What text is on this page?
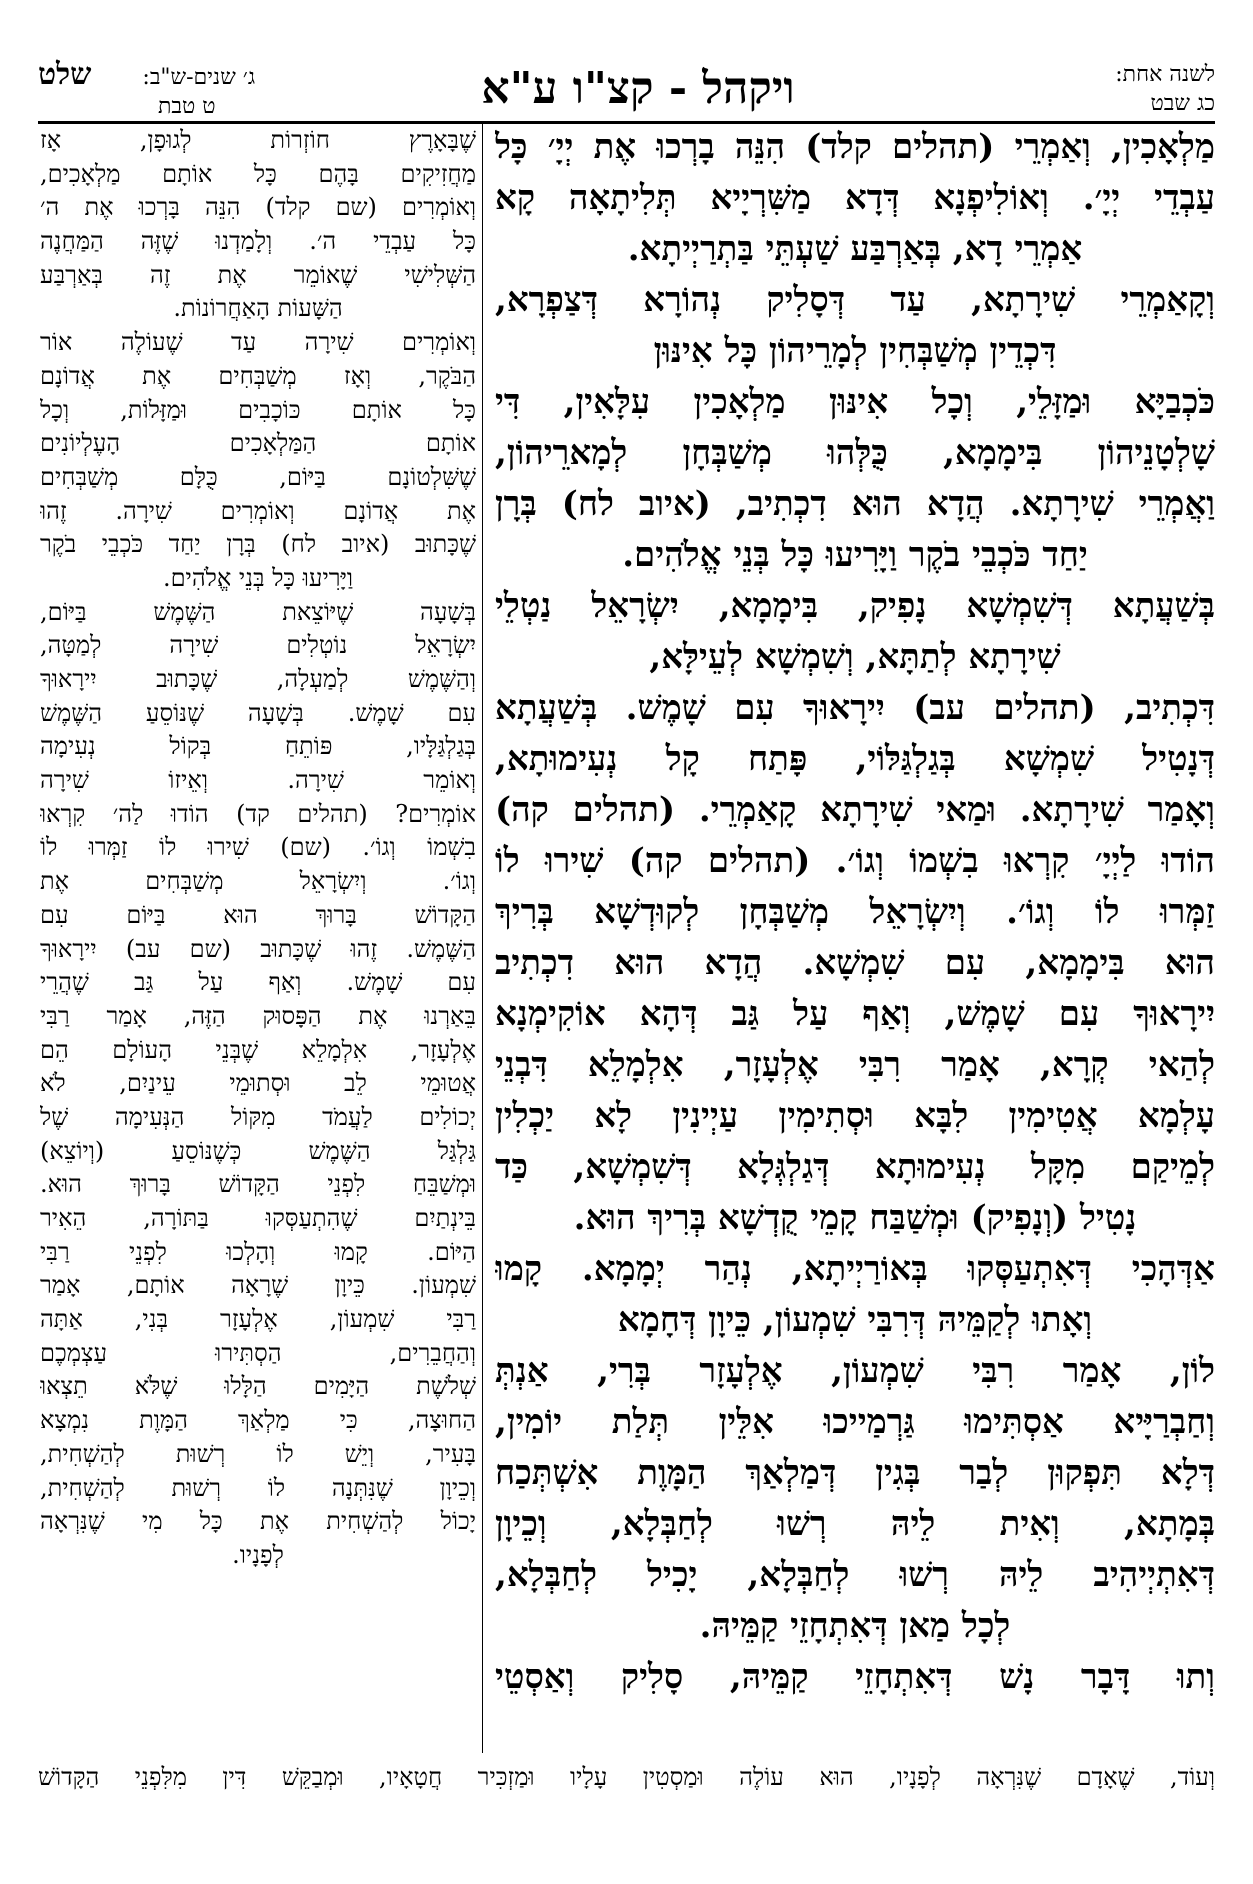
לשנה אחת:
כג שבט
ויקהל - קצ"ו ע"א
ג׳ שנים-ש"ב: שלט
ט טבת
מַלְאָכִין, וְאַמְרֵי (תהלים קלד) הִנֵּה בָרְכוּ אֶת יְיָ׳ כָּל
עַבְדֵי יְיָ׳. וְאוֹלִיפְנָא דְּדָא מַשִּׁרְיָיא תְּלִיתָאָה קָא
אַמְרֵי דָא, בְּאַרְבַּע שַׁעְתֵּי בַּתְרַיְיתָא.
וְקָאַמְרֵי שִׁירָתָא, עַד דְּסָלִיק נְהוֹרָא דְּצַפְרָא,
דִּכְדֵין מְשַׁבְּחִין לְמָרֵיהוֹן כָּל אִינּוּן
כֹּכְבַיָּא וּמַזָּלֵי, וְכָל אִינּוּן מַלְאָכִין עִלָּאִין, דִּי
שָׁלְטָנֵיהוֹן בִּימָמָא, כֻּלְּהוּ מְשַׁבְּחָן לְמָארֵיהוֹן,
וַאֲמְרֵי שִׁירָתָא. הֲדָא הוּא דִכְתִיב, (איוב לח) בְּרָן
יַחַד כֹּכְבֵי בֹקֶר וַיָּרִיעוּ כָּל בְּנֵי אֱלֹהִים.
בְּשַׁעֲתָא דְּשִׁמְשָׁא נָפִיק, בִּימָמָא, יִשְׂרָאֵל נַטְלֵי
שִׁירָתָא לְתַתָּא, וְשִׁמְשָׁא לְעֵילָּא,
דִּכְתִיב, (תהלים עב) יִירָאוּךָ עִם שָׁמֶשׁ. בְּשַׁעֲתָא
דְּנָטִיל שִׁמְשָׁא בְּגַלְגַּלּוֹי, פָּתַח קָל נְעִימוּתָא,
וְאָמַר שִׁירָתָא. וּמַאי שִׁירָתָא קָאַמְרֵי. (תהלים קה)
הוֹדוּ לַיְיָ׳ קִרְאוּ בִשְׁמוֹ וְגוֹ׳. (תהלים קה) שִׁירוּ לוֹ
זַמְּרוּ לוֹ וְגוֹ׳. וְיִשְׂרָאֵל מְשַׁבְּחָן לְקוּדְשָׁא בְּרִיךְ
הוּא בִּימָמָא, עִם שִׁמְשָׁא. הֲדָא הוּא דִכְתִיב
יִירָאוּךָ עִם שָׁמֶשׁ, וְאַף עַל גַּב דְּהָא אוֹקִימְנָא
לְהַאי קְרָא, אָמַר רִבִּי אֶלְעָזָר, אִלְמָלֵא דִּבְנֵי
עָלְמָא אֲטִימִין לִבָּא וּסְתִימִין עַיְינִין לָא יַכְלִין
לְמֵיקַם מִקָּל נְעִימוּתָא דְּגַלְגְּלָא דְּשִׁמְשָׁא, כַּד
נָטִיל (וְנָפִיק) וּמְשַׁבַּח קָמֵי קֻדְשָׁא בְּרִיךְ הוּא.
אַדְּהָכִי דְּאִתְעַסְּקוּ בְּאוֹרַיְיתָא, נְהַר יְמָמָא. קָמוּ
וְאָתוּ לְקַמֵּיהּ דְּרִבִּי שִׁמְעוֹן, כֵּיוָן דְּחָמָא
לוֹן, אָמַר רִבִּי שִׁמְעוֹן, אֶלְעָזָר בְּרִי, אַנְתְּ
וְחַבְרַיָּיא אַסְתִּימוּ גַּרְמַייכוּ אִלֵּין תְּלַת יוֹמִין,
דְּלָא תִּפְקוּן לְבַר בְּגִין דְּמַלְאַךְ הַמָּוֶת אִשְׁתְּכַח
בְּמָתָא, וְאִית לֵיהּ רְשׁוּ לְחַבְּלָא, וְכֵיוָן
דְּאִתְיְיהִיב לֵיהּ רְשׁוּ לְחַבְּלָא, יָכִיל לְחַבְּלָא,
לְכָל מַאן דְּאִתְחָזֵי קַמֵּיהּ.
וְתוּ דָּבָר נָשׁ דְּאִתְחָזֵי קַמֵּיהּ, סָלִיק וְאַסְטֵי
שֶׁבָּאָרֶץ חוֹזְרוֹת לְגוּפָן, אָז
מַחֲזִיקִים בָּהֶם כָּל אוֹתָם מַלְאָכִים,
וְאוֹמְרִים (שם קלד) הִנֵּה בָּרְכוּ אֶת ה׳
כָּל עַבְדֵי ה׳. וְלָמַדְנוּ שֶׁזֶּה הַמַּחֲנֶה
הַשְּׁלִישִׁי שֶׁאוֹמֵר אֶת זֶה בְּאַרְבַּע
הַשָּׁעוֹת הָאַחֲרוֹנוֹת.
וְאוֹמְרִים שִׁירָה עַד שֶׁעוֹלֶה אוֹר
הַבֹּקֶר, וְאָז מְשַׁבְּחִים אֶת אֲדוֹנָם
כָּל אוֹתָם כּוֹכָבִים וּמַזָּלוֹת, וְכָל
אוֹתָם הַמַּלְאָכִים הָעֶלְיוֹנִים
שֶׁשִּׁלְטוֹנָם בַּיּוֹם, כֻּלָּם מְשַׁבְּחִים
אֶת אֲדוֹנָם וְאוֹמְרִים שִׁירָה. זֶהוּ
שֶׁכָּתוּב (איוב לח) בְּרָן יַחַד כֹּכְבֵי בֹקֶר
וַיָּרִיעוּ כָּל בְּנֵי אֱלֹהִים.
בְּשָׁעָה שֶׁיּוֹצֵאת הַשֶּׁמֶשׁ בַּיּוֹם,
יִשְׂרָאֵל נוֹטְלִים שִׁירָה לְמַטָּה,
וְהַשֶּׁמֶשׁ לְמַעְלָה, שֶׁכָּתוּב יִירָאוּךָ
עִם שָׁמֶשׁ. בְּשָׁעָה שֶׁנּוֹסֵעַ הַשֶּׁמֶשׁ
בְּגַלְגַּלָּיו, פּוֹתֵחַ בְּקוֹל נְעִימָה
וְאוֹמֵר שִׁירָה. וְאֵיזוֹ שִׁירָה
אוֹמְרִים? (תהלים קד) הוֹדוּ לַה׳ קִרְאוּ
בִשְׁמוֹ וְגוֹ׳. (שם) שִׁירוּ לוֹ זַמְּרוּ לוֹ
וְגוֹ׳. וְיִשְׂרָאֵל מְשַׁבְּחִים אֶת
הַקָּדוֹשׁ בָּרוּךְ הוּא בַּיּוֹם עִם
הַשֶּׁמֶשׁ. זֶהוּ שֶׁכָּתוּב (שם עב) יִירָאוּךָ
עִם שָׁמֶשׁ. וְאַף עַל גַּב שֶׁהֲרֵי
בֵּאַרְנוּ אֶת הַפָּסוּק הַזֶּה, אָמַר רַבִּי
אֶלְעָזָר, אִלְמָלֵא שֶׁבְּנֵי הָעוֹלָם הֵם
אֲטוּמֵי לֵב וּסְתוּמֵי עֵינַיִם, לֹא
יְכוֹלִים לַעֲמֹד מִקּוֹל הַנְּעִימָה שֶׁל
גַּלְגַּל הַשֶּׁמֶשׁ כְּשֶׁנּוֹסֵעַ (וְיוֹצֵא)
וּמְשַׁבֵּחַ לִפְנֵי הַקָּדוֹשׁ בָּרוּךְ הוּא.
בֵּינְתַיִם שֶׁהִתְעַסְּקוּ בַּתּוֹרָה, הֵאִיר
הַיּוֹם. קָמוּ וְהָלְכוּ לִפְנֵי רַבִּי
שִׁמְעוֹן. כֵּיוָן שֶׁרָאָה אוֹתָם, אָמַר
רַבִּי שִׁמְעוֹן, אֶלְעָזָר בְּנִי, אַתָּה
וְהַחֲבֵרִים, הַסְתִּירוּ עַצְמְכֶם
שְׁלֹשֶׁת הַיָּמִים הַלָּלוּ שֶׁלֹּא תֵצְאוּ
הַחוּצָה, כִּי מַלְאַךְ הַמָּוֶת נִמְצָא
בָּעִיר, וְיֵשׁ לוֹ רְשׁוּת לְהַשְׁחִית,
וְכֵיוָן שֶׁנִּתְּנָה לוֹ רְשׁוּת לְהַשְׁחִית,
יָכוֹל לְהַשְׁחִית אֶת כָּל מִי שֶׁנִּרְאָה
לְפָנָיו.
וְעוֹד, שֶׁאָדָם שֶׁנִּרְאָה לְפָנָיו, הוּא עוֹלֶה וּמַסְטִין עָלָיו וּמַזְכִּיר חֲטָאָיו, וּמְבַקֵּשׁ דִּין מִלִּפְנֵי הַקָּדוֹשׁ
